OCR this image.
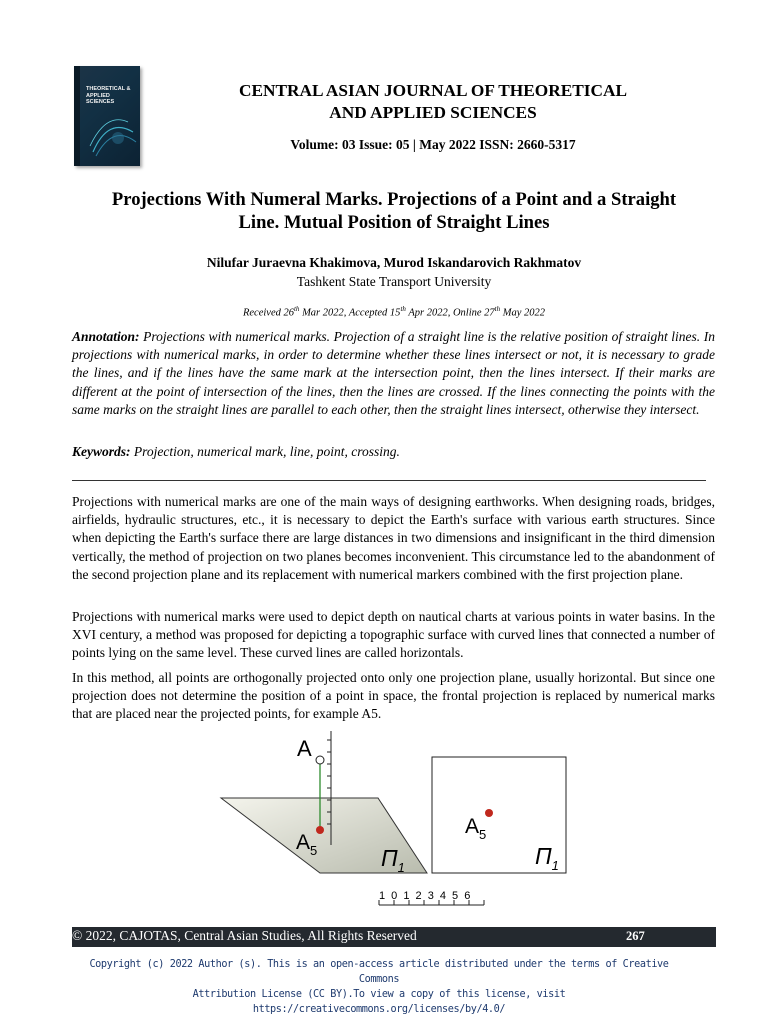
THEORETICAL &
APPLIED
SCIENCES
CENTRAL ASIAN JOURNAL OF THEORETICAL
AND APPLIED SCIENCES
Volume: 03 Issue: 05 | May 2022 ISSN: 2660-5317
Projections With Numeral Marks. Projections of a Point and a Straight
Line. Mutual Position of Straight Lines
Nilufar Juraevna Khakimova, Murod Iskandarovich Rakhmatov
Tashkent State Transport University
Received 26th Mar 2022, Accepted 15th Apr 2022, Online 27th May 2022
Annotation: Projections with numerical marks. Projection of a straight line is the relative position of straight lines. In projections with numerical marks, in order to determine whether these lines intersect or not, it is necessary to grade the lines, and if the lines have the same mark at the intersection point, then the lines intersect. If their marks are different at the point of intersection of the lines, then the lines are crossed. If the lines connecting the points with the same marks on the straight lines are parallel to each other, then the straight lines intersect, otherwise they intersect.
Keywords: Projection, numerical mark, line, point, crossing.
Projections with numerical marks are one of the main ways of designing earthworks. When designing roads, bridges, airfields, hydraulic structures, etc., it is necessary to depict the Earth's surface with various earth structures. Since when depicting the Earth's surface there are large distances in two dimensions and insignificant in the third dimension vertically, the method of projection on two planes becomes inconvenient. This circumstance led to the abandonment of the second projection plane and its replacement with numerical markers combined with the first projection plane.
Projections with numerical marks were used to depict depth on nautical charts at various points in water basins. In the XVI century, a method was proposed for depicting a topographic surface with curved lines that connected a number of points lying on the same level. These curved lines are called horizontals.
In this method, all points are orthogonally projected onto only one projection plane, usually horizontal. But since one projection does not determine the position of a point in space, the frontal projection is replaced by numerical marks that are placed near the projected points, for example A5.
A
$A_5$	$П_1$
$A_5$
$П_1$
1 0 1 2 3 4 5 6
© 2022, CAJOTAS, Central Asian Studies, All Rights Reserved	267
Copyright (c) 2022 Author (s). This is an open-access article distributed under the terms of Creative Commons
Attribution License (CC BY).To view a copy of this license, visit https://creativecommons.org/licenses/by/4.0/
